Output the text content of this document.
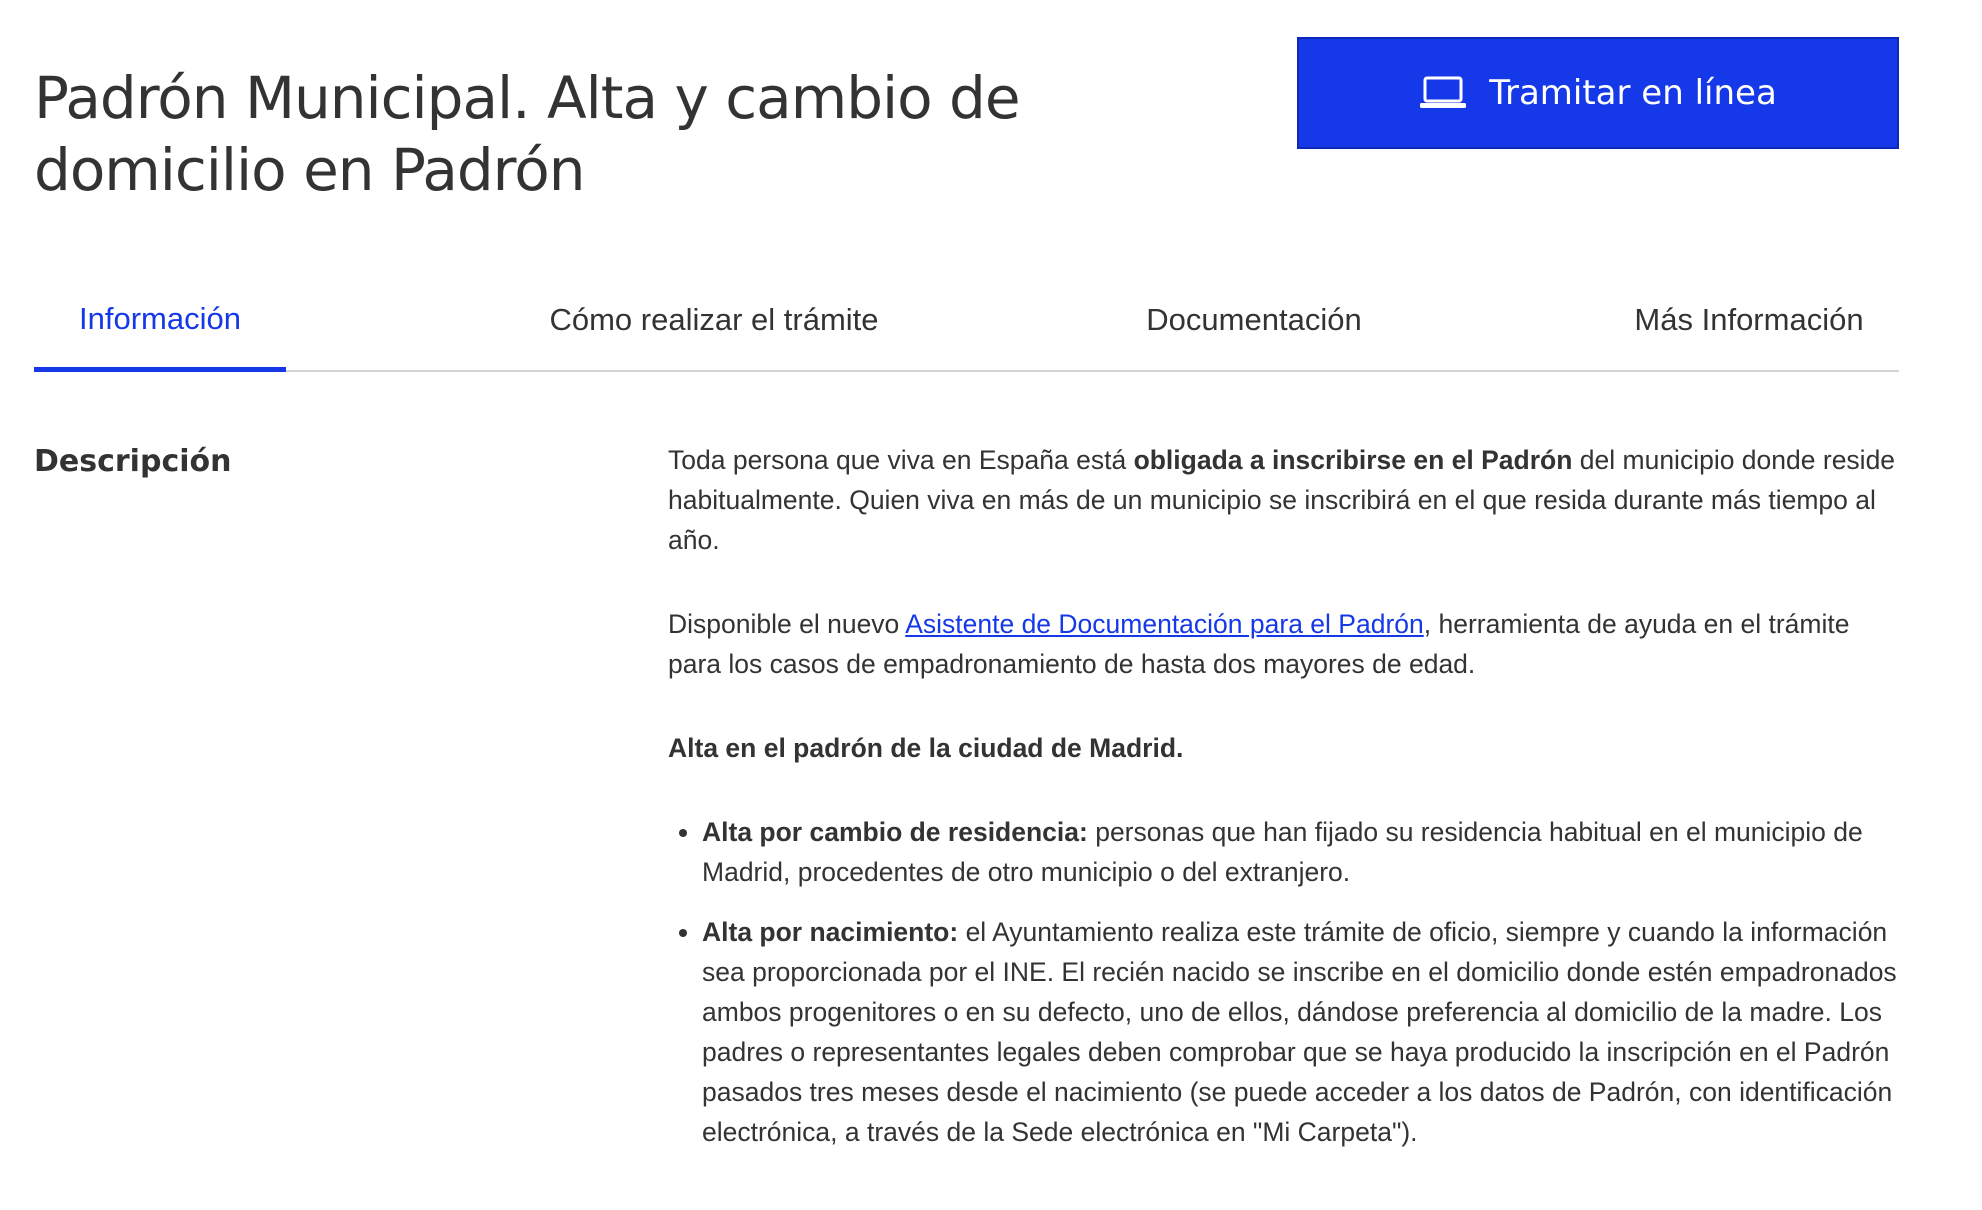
Padrón Municipal. Alta y cambio de domicilio en Padrón
Tramitar en línea
Información	Cómo realizar el trámite	Documentación	Más Información
Descripción	Toda persona que viva en España está obligada a inscribirse en el Padrón del municipio donde reside habitualmente. Quien viva en más de un municipio se inscribirá en el que resida durante más tiempo al año.

Disponible el nuevo Asistente de Documentación para el Padrón, herramienta de ayuda en el trámite para los casos de empadronamiento de hasta dos mayores de edad.

Alta en el padrón de la ciudad de Madrid.

• Alta por cambio de residencia: personas que han fijado su residencia habitual en el municipio de Madrid, procedentes de otro municipio o del extranjero.
• Alta por nacimiento: el Ayuntamiento realiza este trámite de oficio, siempre y cuando la información sea proporcionada por el INE. El recién nacido se inscribe en el domicilio donde estén empadronados ambos progenitores o en su defecto, uno de ellos, dándose preferencia al domicilio de la madre. Los padres o representantes legales deben comprobar que se haya producido la inscripción en el Padrón pasados tres meses desde el nacimiento (se puede acceder a los datos de Padrón, con identificación electrónica, a través de la Sede electrónica en "Mi Carpeta").
